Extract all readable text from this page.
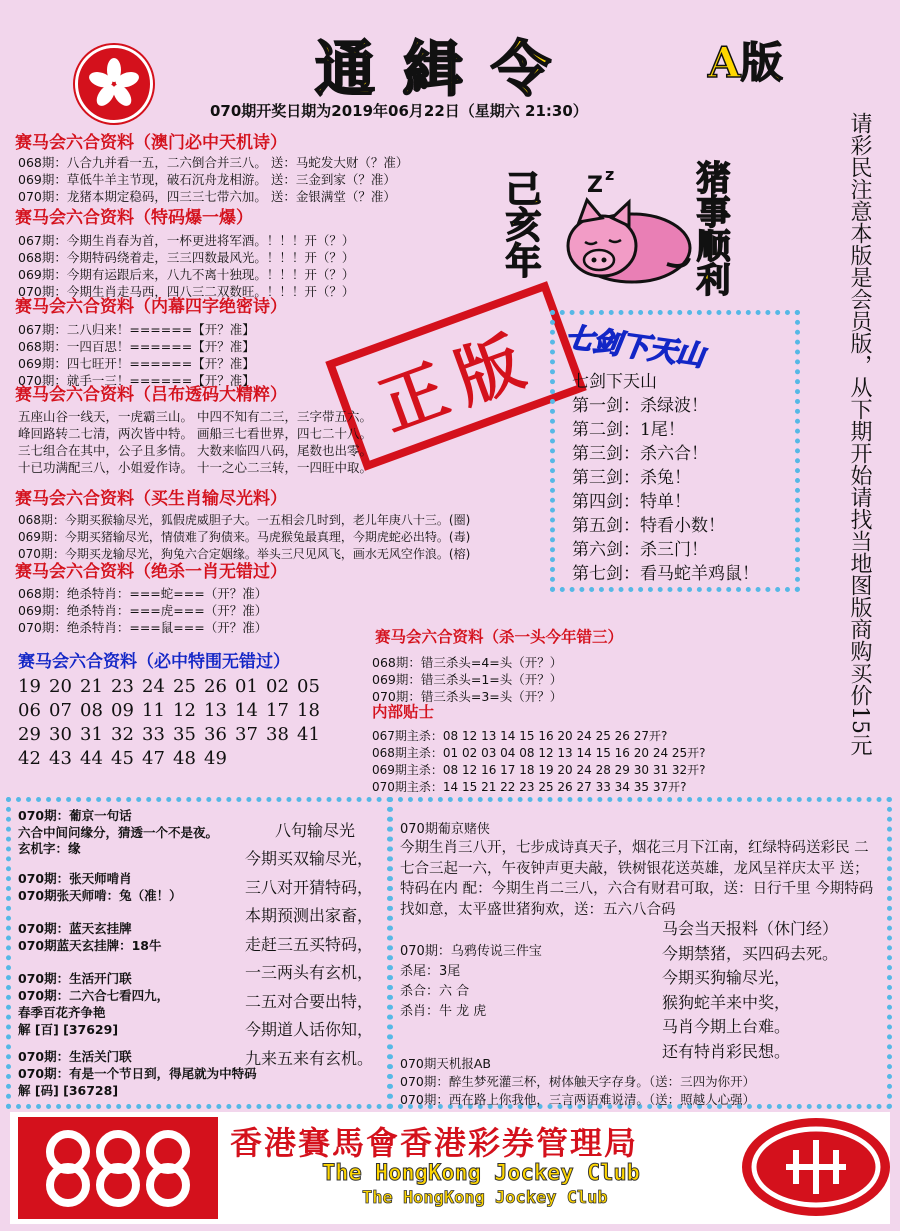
通緝令	A版
070期开奖日期为2019年06月22日（星期六 21:30）
请彩民注意本版是会员版，从下期开始请找当地图版商购买价15元
己亥年	猪事顺利
Z z
赛马会六合资料（澳门必中天机诗）
068期：八合九并看一五，二六倒合并三八。 送：马蛇发大财（？准）
069期：草低牛羊主节现，破石沉舟龙相游。 送：三金到家（？准）
070期：龙猪本期定稳码，四三三七带六加。 送：金银满堂（？准）
赛马会六合资料（特码爆一爆）
067期：今期生肖春为首，一杯更进将军酒。！！！开（？）
068期：今期特码绕着走，三三四数最风光。！！！开（？）
069期：今期有运跟后来，八九不离十独现。！！！开（？）
070期：今期生肖走马西，四八三二双数旺。！！！开（？）
赛马会六合资料（内幕四字绝密诗）
067期：二八归来！======【开？准】
068期：一四百思！======【开？准】
069期：四七旺开！======【开？准】
070期：就手一三！======【开？准】	正版
赛马会六合资料（吕布透码大精粹）
五座山谷一线天，一虎霸三山。 中四不知有二三，三字带五六。
峰回路转二七清，两次皆中特。 画船三七看世界，四七二十八。
三七组合在其中，公子且多情。 大数来临四八码，尾数也出零。
十已功满配三八，小姐爱作诗。 十一之心二三转，一四旺中取。
赛马会六合资料（买生肖输尽光料）
068期：今期买猴输尽光，狐假虎威胆子大。一五相会几时到，老儿年庚八十三。(圈)
069期：今期买猪输尽光，情债难了狗债来。马虎猴兔最真理，今期虎蛇必出特。(毒)
070期：今期买龙输尽光，狗兔六合定姻缘。举头三尺见风飞，画水无风空作浪。(榕)
赛马会六合资料（绝杀一肖无错过）
068期：绝杀特肖：===蛇===（开？准）
069期：绝杀特肖：===虎===（开？准）
070期：绝杀特肖：===鼠===（开？准）
七剑下天山
七剑下天山
第一剑：杀绿波！
第二剑：1尾！
第三剑：杀六合！
第三剑：杀兔！
第四剑：特单！
第五剑：特看小数！
第六剑：杀三门！
第七剑：看马蛇羊鸡鼠！
赛马会六合资料（必中特围无错过）
19 20 21 23 24 25 26 01 02 05
06 07 08 09 11 12 13 14 17 18
29 30 31 32 33 35 36 37 38 41
42 43 44 45 47 48 49
赛马会六合资料（杀一头今年错三）
068期：错三杀头=4=头（开？）
069期：错三杀头=1=头（开？）
070期：错三杀头=3=头（开？）
内部贴士
067期主杀：08 12 13 14 15 16 20 24 25 26 27开?
068期主杀：01 02 03 04 08 12 13 14 15 16 20 24 25开?
069期主杀：08 12 16 17 18 19 20 24 28 29 30 31 32开?
070期主杀：14 15 21 22 23 25 26 27 33 34 35 37开?
070期：葡京一句话
六合中间问缘分，猜透一个不是夜。
玄机字：缘
八句输尽光
070期：张天师啃肖
070期张天师啃：兔（准！）
070期：蓝天玄挂牌
070期蓝天玄挂牌：18牛
070期：生活开门联
070期：二六合七看四九，
春季百花齐争艳
解 [百] [37629]
070期：生活关门联
070期：有是一个节日到，得尾就为中特码
解 [码] [36728]
今期买双输尽光，
三八对开猜特码，
本期预测出家畜，
走赶三五买特码，
一三两头有玄机，
二五对合要出特，
今期道人话你知，
九来五来有玄机。
070期葡京赌侠
今期生肖三八开，七步成诗真天子，烟花三月下江南，红绿特码送彩民 二七合三起一六，午夜钟声更夫敲，铁树银花送英雄，龙风呈祥庆太平 送；特码在内 配：今期生肖二三八，六合有财君可取，送：日行千里 今期特码找如意，太平盛世猪狗欢，送：五六八合码
070期：乌鸦传说三件宝
杀尾：3尾
杀合：六 合
杀肖：牛 龙 虎
马会当天报料（休门经）
今期禁猪，买四码去死。
今期买狗输尽光，
猴狗蛇羊来中奖，
马肖今期上台难。
还有特肖彩民想。
070期天机报AB
070期：醉生梦死灌三杯，树体触天字存身。（送：三四为你开）
070期：西在路上你我他，三言两语难说清。（送：照越人心强）
香港賽馬會香港彩券管理局
The HongKong Jockey Club
The HongKong Jockey Club
